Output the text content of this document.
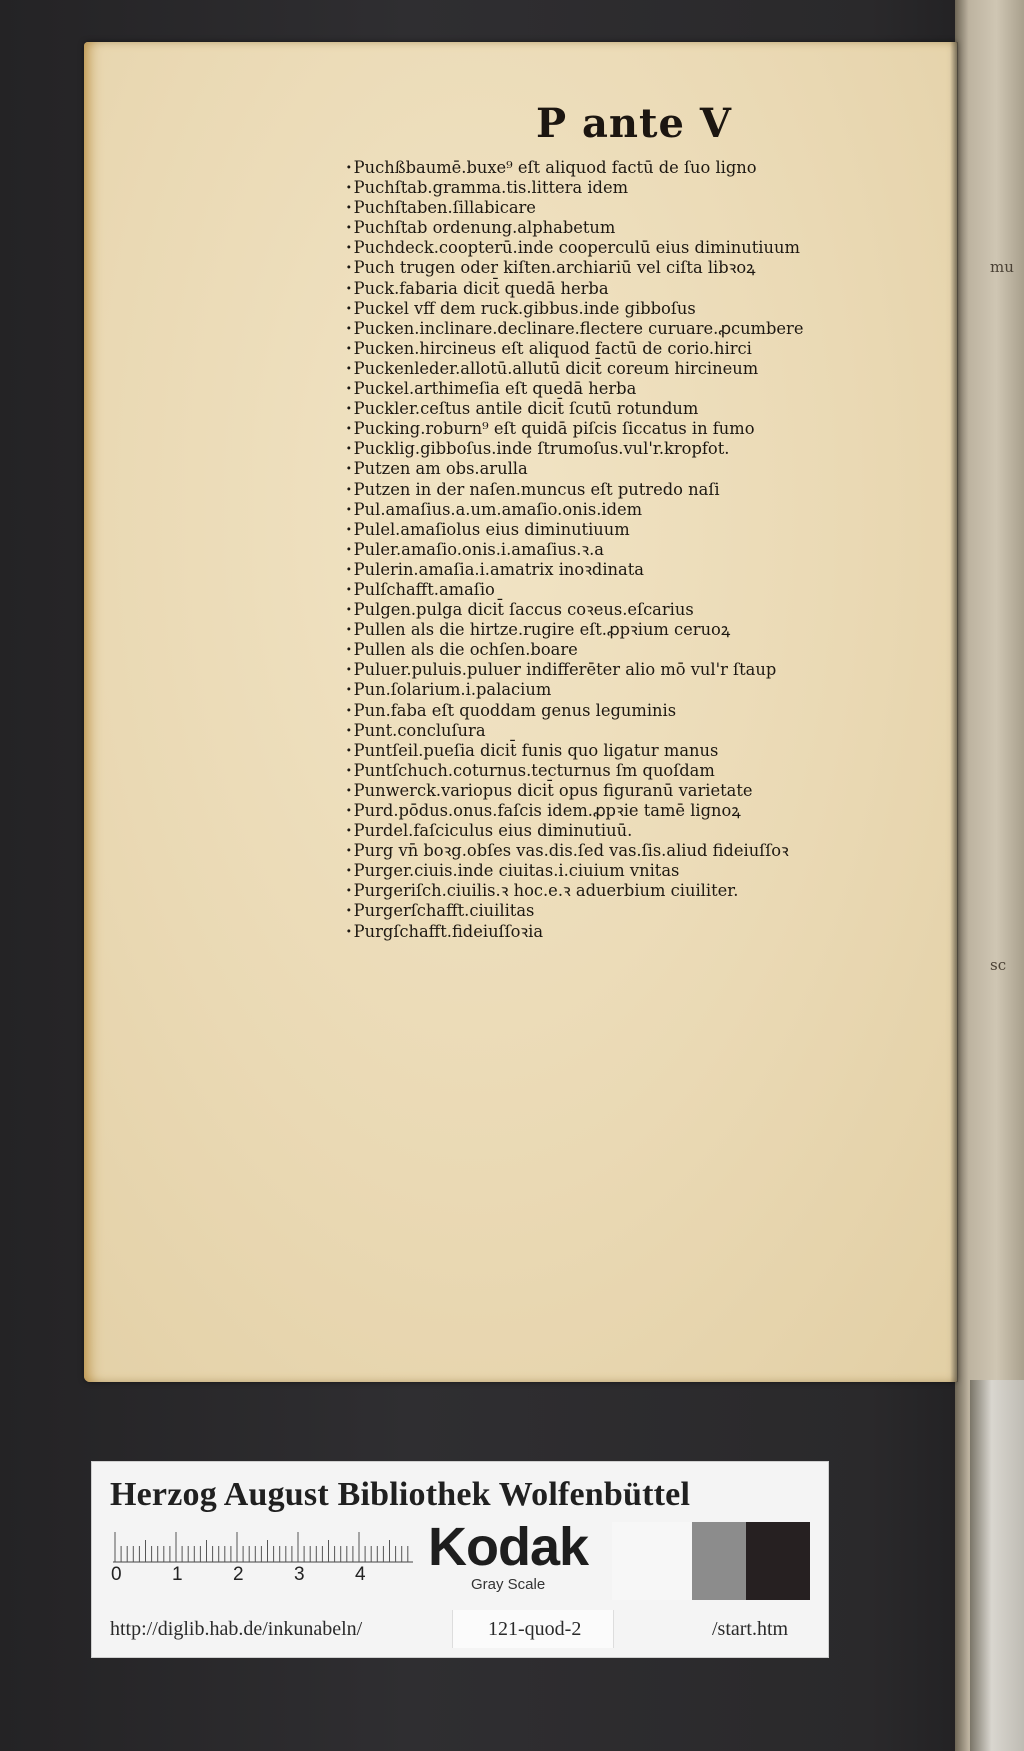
mu
sc
P ante V
· Puchßbaumē.buxe⁹ eſt aliquod factū de ſuo ligno
· Puchſtab.gramma.tis.littera idem
· Puchſtaben.ſillabicare
· Puchſtab ordenung.alphabetum
· Puchdeck.coopterū.inde cooperculū eius diminutiuum
· Puch trugen oder kiſten.archiariū vel ciſta libꝛoꝝ
· Puck.fabaria dicit̄ quedā herba
· Puckel vff dem ruck.gibbus.inde gibboſus
· Pucken.inclinare.declinare.flectere curuare.ꝓcumbere
· Pucken.hircineus eſt aliquod factū de corio.hirci
· Puckenleder.allotū.allutū dicit̄ coreum hircineum
· Puckel.arthimeſia eſt quedā herba
· Puckler.ceſtus antile dicit̄ ſcutū rotundum
· Pucking.roburn⁹ eſt quidā piſcis ſiccatus in fumo
· Pucklig.gibboſus.inde ſtrumoſus.vul'r.kropfot.
· Putzen am obs.arulla
· Putzen in der naſen.muncus eſt putredo naſi
· Pul.amaſius.a.um.amaſio.onis.idem
· Pulel.amaſiolus eius diminutiuum
· Puler.amaſio.onis.i.amaſius.ꝛ.a
· Pulerin.amaſia.i.amatrix inoꝛdinata
· Pulſchafft.amaſio
· Pulgen.pulga dicit̄ ſaccus coꝛeus.eſcarius
· Pullen als die hirtze.rugire eſt.ꝓpꝛium ceruoꝝ
· Pullen als die ochſen.boare
· Puluer.puluis.puluer indifferēter alio mō vul'r ſtaup
· Pun.ſolarium.i.palacium
· Pun.faba eſt quoddam genus leguminis
· Punt.concluſura
· Puntſeil.pueſia dicit̄ funis quo ligatur manus
· Puntſchuch.coturnus.tecturnus ſm quoſdam
· Punwerck.variopus dicit̄ opus figuranū varietate
· Purd.pōdus.onus.faſcis idem.ꝓpꝛie tamē lignoꝝ
· Purdel.faſciculus eius diminutiuū.
· Purg vn̄ boꝛg.obſes vas.dis.ſed vas.ſis.aliud fideiuſſoꝛ
· Purger.ciuis.inde ciuitas.i.ciuium vnitas
· Purgeriſch.ciuilis.ꝛ hoc.e.ꝛ aduerbium ciuiliter.
· Purgerſchafft.ciuilitas
· Purgſchafft.fideiuſſoꝛia
Herzog August Bibliothek Wolfenbüttel
0	1	2	3	4 Kodak
Gray Scale
http://diglib.hab.de/inkunabeln/	121-quod-2	/start.htm
